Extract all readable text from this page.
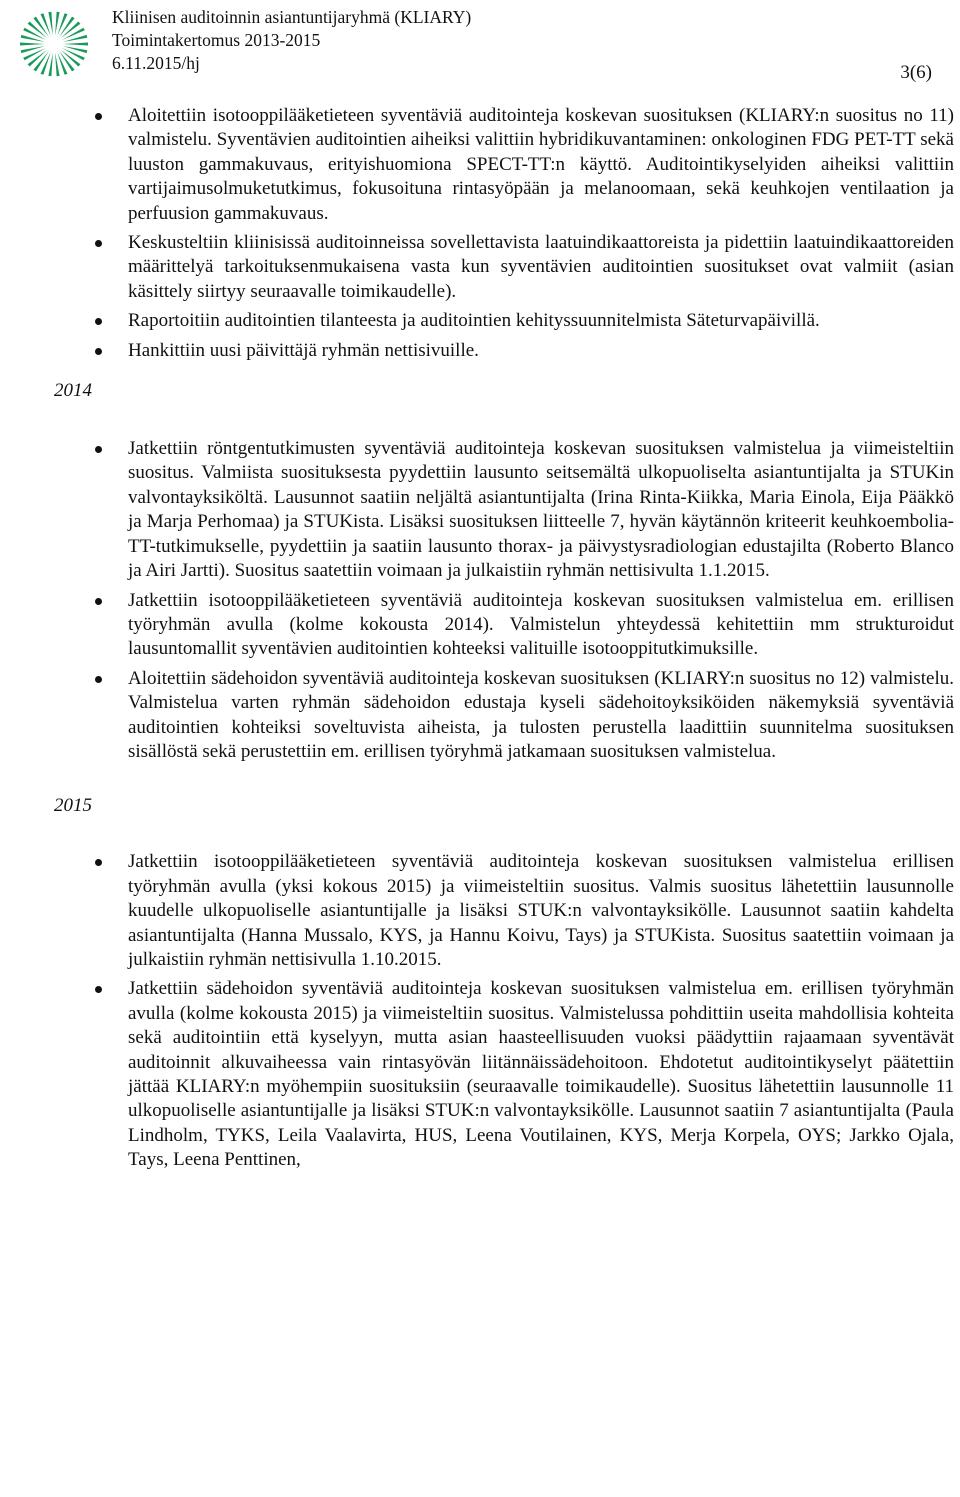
Kliinisen auditoinnin asiantuntijaryhmä (KLIARY)
Toimintakertomus 2013-2015
6.11.2015/hj	3(6)
Aloitettiin isotooppilääketieteen syventäviä auditointeja koskevan suosituksen (KLIARY:n suositus no 11) valmistelu. Syventävien auditointien aiheiksi valittiin hybridikuvantaminen: onkologinen FDG PET-TT sekä luuston gammakuvaus, erityishuomiona SPECT-TT:n käyttö. Auditointikyselyiden aiheiksi valittiin vartijaimusolmuketutkimus, fokusoituna rintasyöpään ja melanoomaan, sekä keuhkojen ventilaation ja perfuusion gammakuvaus.
Keskusteltiin kliinisissä auditoinneissa sovellettavista laatuindikaattoreista ja pidettiin laatuindikaattoreiden määrittelyä tarkoituksenmukaisena vasta kun syventävien auditointien suositukset ovat valmiit (asian käsittely siirtyy seuraavalle toimikaudelle).
Raportoitiin auditointien tilanteesta ja auditointien kehityssuunnitelmista Säteturvapäivillä.
Hankittiin uusi päivittäjä ryhmän nettisivuille.
2014
Jatkettiin röntgentutkimusten syventäviä auditointeja koskevan suosituksen valmistelua ja viimeisteltiin suositus. Valmiista suosituksesta pyydettiin lausunto seitsemältä ulkopuoliselta asiantuntijalta ja STUKin valvontayksiköltä. Lausunnot saatiin neljältä asiantuntijalta (Irina Rinta-Kiikka, Maria Einola, Eija Pääkkö ja Marja Perhomaa) ja STUKista. Lisäksi suosituksen liitteelle 7, hyvän käytännön kriteerit keuhkoembolia-TT-tutkimukselle, pyydettiin ja saatiin lausunto thorax- ja päivystysradiologian edustajilta (Roberto Blanco ja Airi Jartti). Suositus saatettiin voimaan ja julkaistiin ryhmän nettisivulta 1.1.2015.
Jatkettiin isotooppilääketieteen syventäviä auditointeja koskevan suosituksen valmistelua em. erillisen työryhmän avulla (kolme kokousta 2014). Valmistelun yhteydessä kehitettiin mm strukturoidut lausuntomallit syventävien auditointien kohteeksi valituille isotooppitutkimuksille.
Aloitettiin sädehoidon syventäviä auditointeja koskevan suosituksen (KLIARY:n suositus no 12) valmistelu. Valmistelua varten ryhmän sädehoidon edustaja kyseli sädehoitoyksiköiden näkemyksiä syventäviä auditointien kohteiksi soveltuvista aiheista, ja tulosten perustella laadittiin suunnitelma suosituksen sisällöstä sekä perustettiin em. erillisen työryhmä jatkamaan suosituksen valmistelua.
2015
Jatkettiin isotooppilääketieteen syventäviä auditointeja koskevan suosituksen valmistelua erillisen työryhmän avulla (yksi kokous 2015) ja viimeisteltiin suositus. Valmis suositus lähetettiin lausunnolle kuudelle ulkopuoliselle asiantuntijalle ja lisäksi STUK:n valvontayksikölle. Lausunnot saatiin kahdelta asiantuntijalta (Hanna Mussalo, KYS, ja Hannu Koivu, Tays) ja STUKista. Suositus saatettiin voimaan ja julkaistiin ryhmän nettisivulla 1.10.2015.
Jatkettiin sädehoidon syventäviä auditointeja koskevan suosituksen valmistelua em. erillisen työryhmän avulla (kolme kokousta 2015) ja viimeisteltiin suositus. Valmistelussa pohdittiin useita mahdollisia kohteita sekä auditointiin että kyselyyn, mutta asian haasteellisuuden vuoksi päädyttiin rajaamaan syventävät auditoinnit alkuvaiheessa vain rintasyövän liitännäissädehoitoon. Ehdotetut auditointikyselyt päätettiin jättää KLIARY:n myöhempiin suosituksiin (seuraavalle toimikaudelle). Suositus lähetettiin lausunnolle 11 ulkopuoliselle asiantuntijalle ja lisäksi STUK:n valvontayksikölle. Lausunnot saatiin 7 asiantuntijalta (Paula Lindholm, TYKS, Leila Vaalavirta, HUS, Leena Voutilainen, KYS, Merja Korpela, OYS; Jarkko Ojala, Tays, Leena Penttinen,
